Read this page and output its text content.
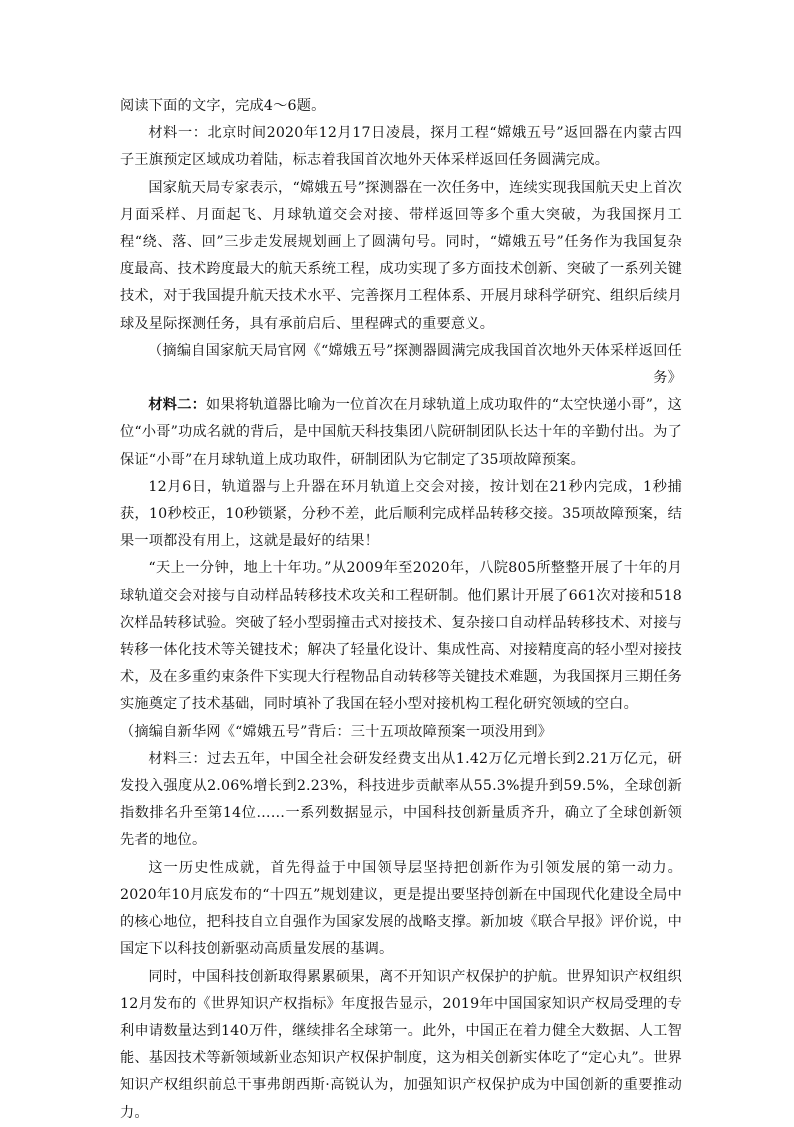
阅读下面的文字，完成4～6题。

材料一：北京时间2020年12月17日凌晨，探月工程“嫦娥五号”返回器在内蒙古四子王旗预定区域成功着陆，标志着我国首次地外天体采样返回任务圆满完成。

国家航天局专家表示，“嫦娥五号”探测器在一次任务中，连续实现我国航天史上首次月面采样、月面起飞、月球轨道交会对接、带样返回等多个重大突破，为我国探月工程“绕、落、回”三步走发展规划画上了圆满句号。同时，“嫦娥五号”任务作为我国复杂度最高、技术跨度最大的航天系统工程，成功实现了多方面技术创新、突破了一系列关键技术，对于我国提升航天技术水平、完善探月工程体系、开展月球科学研究、组织后续月球及星际探测任务，具有承前启后、里程碑式的重要意义。

（摘编自国家航天局官网《“嫦娥五号”探测器圆满完成我国首次地外天体采样返回任务》

材料二：如果将轨道器比喻为一位首次在月球轨道上成功取件的“太空快递小哥”，这位“小哥”功成名就的背后，是中国航天科技集团八院研制团队长达十年的辛勤付出。为了保证“小哥”在月球轨道上成功取件，研制团队为它制定了35项故障预案。

12月6日，轨道器与上升器在环月轨道上交会对接，按计划在21秒内完成，1秒捕获，10秒校正，10秒锁紧，分秒不差，此后顺利完成样品转移交接。35项故障预案，结果一项都没有用上，这就是最好的结果！

“天上一分钟，地上十年功。”从2009年至2020年，八院805所整整开展了十年的月球轨道交会对接与自动样品转移技术攻关和工程研制。他们累计开展了661次对接和518次样品转移试验。突破了轻小型弱撞击式对接技术、复杂接口自动样品转移技术、对接与转移一体化技术等关键技术；解决了轻量化设计、集成性高、对接精度高的轻小型对接技术，及在多重约束条件下实现大行程物品自动转移等关键技术难题，为我国探月三期任务实施奠定了技术基础，同时填补了我国在轻小型对接机构工程化研究领域的空白。

（摘编自新华网《“嫦娥五号”背后：三十五项故障预案一项没用到》

材料三：过去五年，中国全社会研发经费支出从1.42万亿元增长到2.21万亿元，研发投入强度从2.06%增长到2.23%，科技进步贡献率从55.3%提升到59.5%，全球创新指数排名升至第14位……一系列数据显示，中国科技创新量质齐升，确立了全球创新领先者的地位。

这一历史性成就，首先得益于中国领导层坚持把创新作为引领发展的第一动力。2020年10月底发布的“十四五”规划建议，更是提出要坚持创新在中国现代化建设全局中的核心地位，把科技自立自强作为国家发展的战略支撑。新加坡《联合早报》评价说，中国定下以科技创新驱动高质量发展的基调。

同时，中国科技创新取得累累硕果，离不开知识产权保护的护航。世界知识产权组织12月发布的《世界知识产权指标》年度报告显示，2019年中国国家知识产权局受理的专利申请数量达到140万件，继续排名全球第一。此外，中国正在着力健全大数据、人工智能、基因技术等新领域新业态知识产权保护制度，这为相关创新实体吃了“定心丸”。世界知识产权组织前总干事弗朗西斯·高锐认为，加强知识产权保护成为中国创新的重要推动力。
